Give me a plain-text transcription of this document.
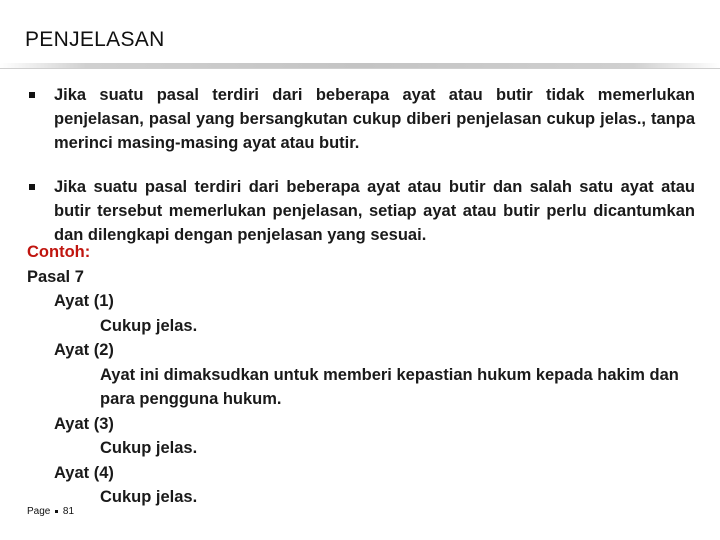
PENJELASAN
Jika suatu pasal terdiri dari beberapa ayat atau butir tidak memerlukan penjelasan, pasal yang bersangkutan cukup diberi penjelasan cukup jelas., tanpa merinci masing-masing ayat atau butir.
Jika suatu pasal terdiri dari beberapa ayat atau butir dan salah satu ayat atau butir tersebut memerlukan penjelasan, setiap ayat atau butir perlu dicantumkan dan dilengkapi dengan penjelasan yang sesuai.
Contoh:
Pasal 7
Ayat (1)
Cukup jelas.
Ayat (2)
Ayat ini dimaksudkan untuk memberi kepastian hukum kepada hakim dan para pengguna hukum.
Ayat (3)
Cukup jelas.
Ayat (4)
Cukup jelas.
Page 81
